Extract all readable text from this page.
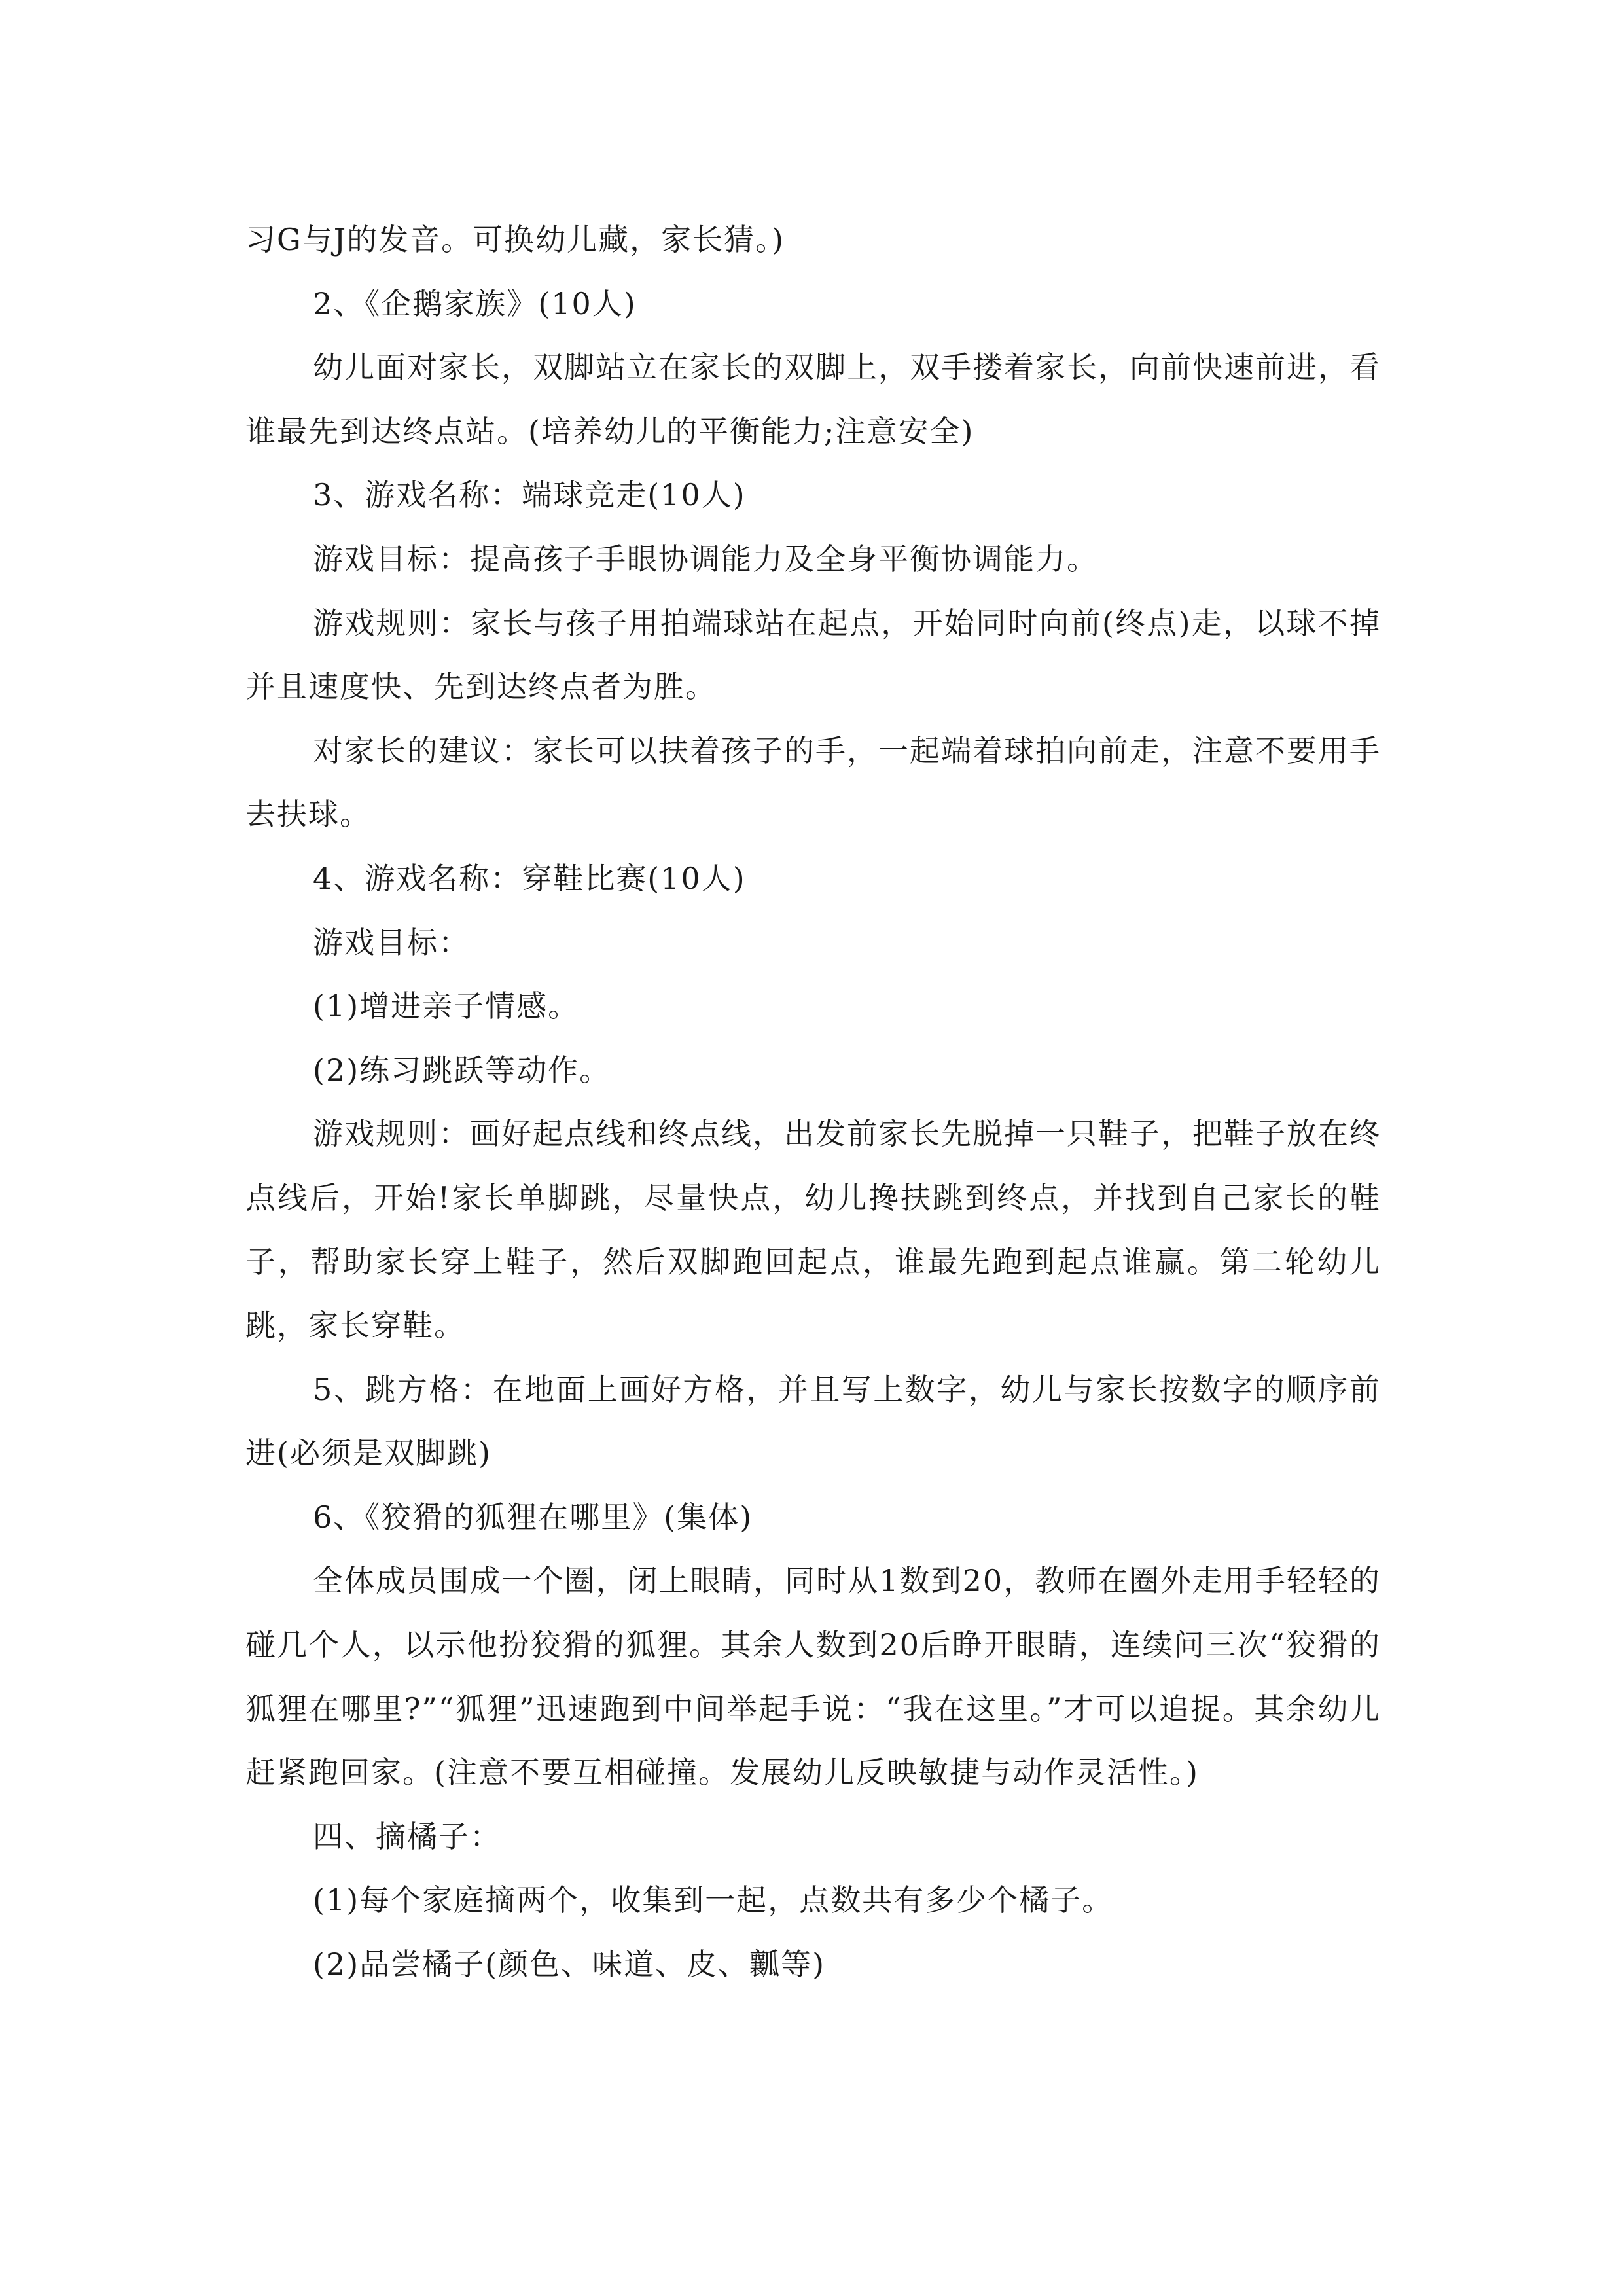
习G与J的发音。可换幼儿藏，家长猜。)

2、《企鹅家族》(10人)

幼儿面对家长，双脚站立在家长的双脚上，双手搂着家长，向前快速前进，看谁最先到达终点站。(培养幼儿的平衡能力;注意安全)

3、游戏名称：端球竞走(10人)

游戏目标：提高孩子手眼协调能力及全身平衡协调能力。

游戏规则：家长与孩子用拍端球站在起点，开始同时向前(终点)走，以球不掉并且速度快、先到达终点者为胜。

对家长的建议：家长可以扶着孩子的手，一起端着球拍向前走，注意不要用手去扶球。

4、游戏名称：穿鞋比赛(10人)

游戏目标：

(1)增进亲子情感。

(2)练习跳跃等动作。

游戏规则：画好起点线和终点线，出发前家长先脱掉一只鞋子，把鞋子放在终点线后，开始!家长单脚跳，尽量快点，幼儿搀扶跳到终点，并找到自己家长的鞋子，帮助家长穿上鞋子，然后双脚跑回起点，谁最先跑到起点谁赢。第二轮幼儿跳，家长穿鞋。

5、跳方格：在地面上画好方格，并且写上数字，幼儿与家长按数字的顺序前进(必须是双脚跳)

6、《狡猾的狐狸在哪里》(集体)

全体成员围成一个圈，闭上眼睛，同时从1数到20，教师在圈外走用手轻轻的碰几个人，以示他扮狡猾的狐狸。其余人数到20后睁开眼睛，连续问三次“狡猾的狐狸在哪里?”“狐狸”迅速跑到中间举起手说：“我在这里。”才可以追捉。其余幼儿赶紧跑回家。(注意不要互相碰撞。发展幼儿反映敏捷与动作灵活性。)

四、摘橘子：

(1)每个家庭摘两个，收集到一起，点数共有多少个橘子。

(2)品尝橘子(颜色、味道、皮、瓤等)
